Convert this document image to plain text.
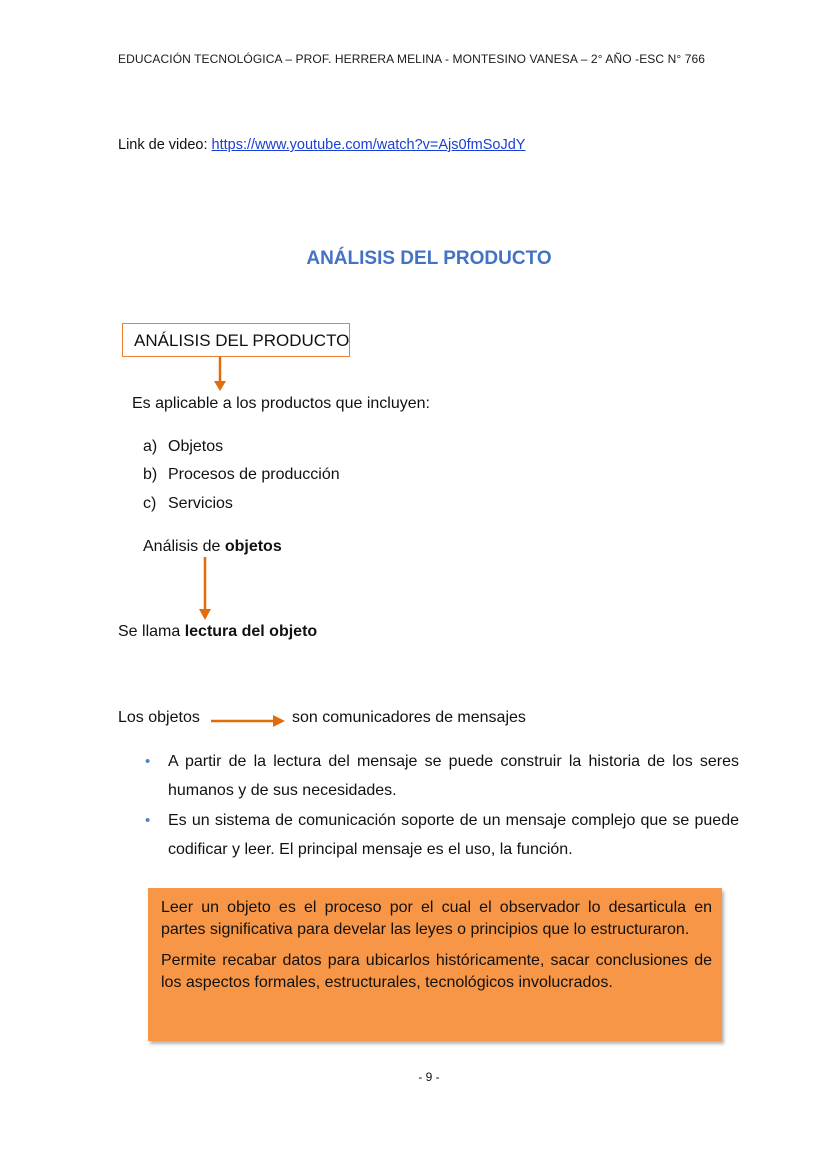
EDUCACIÓN TECNOLÓGICA – PROF. HERRERA MELINA - MONTESINO VANESA – 2° AÑO -ESC N° 766
Link de video: https://www.youtube.com/watch?v=Ajs0fmSoJdY
ANÁLISIS DEL PRODUCTO
ANÁLISIS DEL PRODUCTO
Es aplicable a los productos que incluyen:
a) Objetos
b) Procesos de producción
c) Servicios
Análisis de objetos
Se llama lectura del objeto
Los objetos	son comunicadores de mensajes
• A partir de la lectura del mensaje se puede construir la historia de los seres humanos y de sus necesidades.
• Es un sistema de comunicación soporte de un mensaje complejo que se puede codificar y leer. El principal mensaje es el uso, la función.

Leer un objeto es el proceso por el cual el observador lo desarticula en partes significativa para develar las leyes o principios que lo estructuraron.

Permite recabar datos para ubicarlos históricamente, sacar conclusiones de los aspectos formales, estructurales, tecnológicos involucrados.

- 9 -
